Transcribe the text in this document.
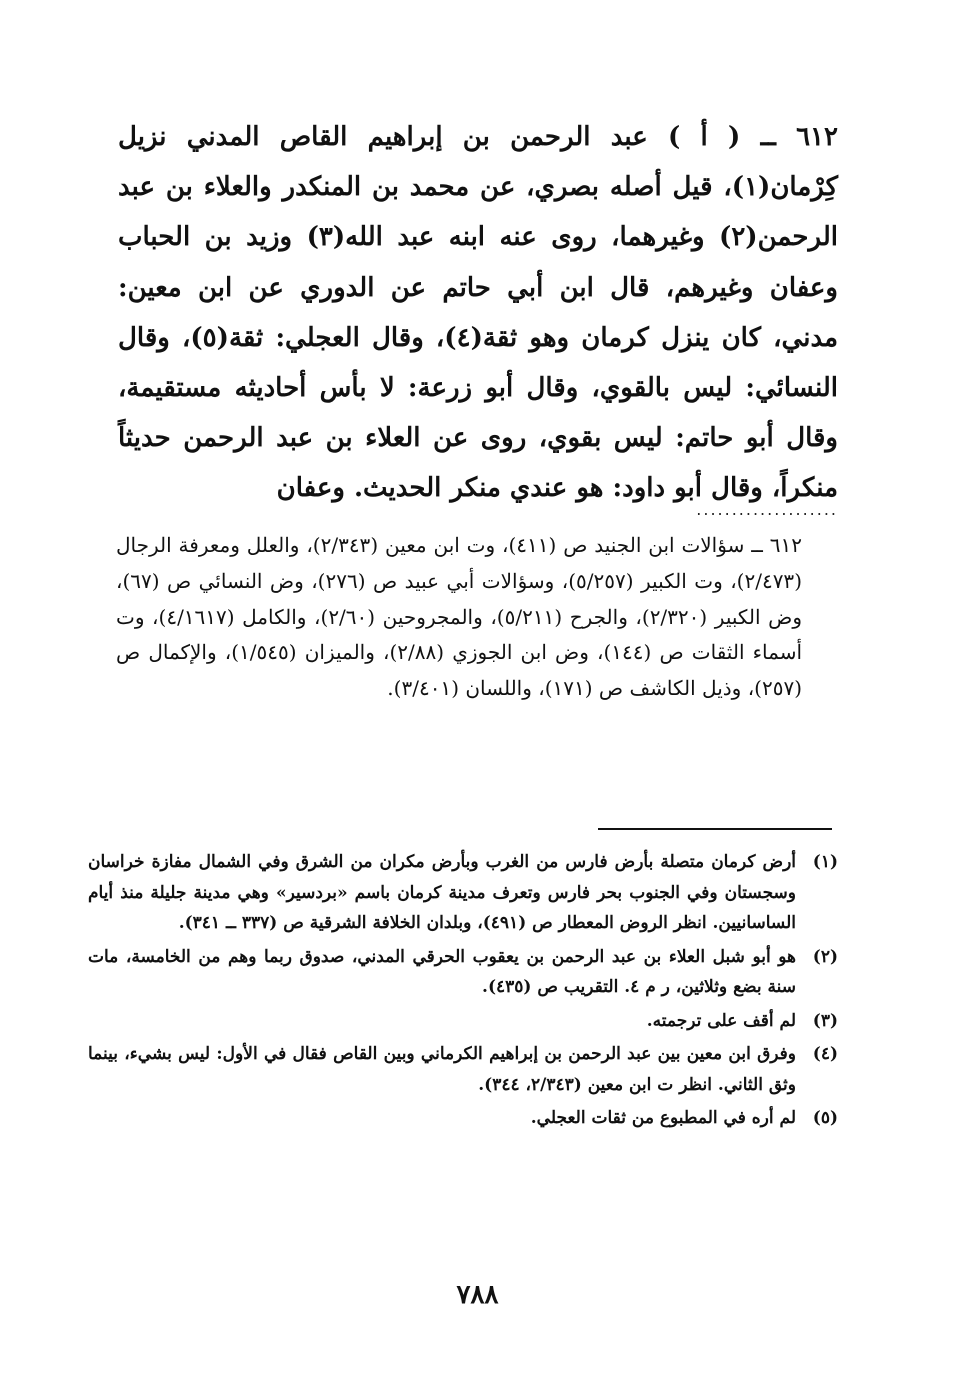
٦١٢ ــ ( أ ) عبد الرحمن بن إبراهيم القاص المدني نزيل كِرْمان(١)، قيل أصله بصري، عن محمد بن المنكدر والعلاء بن عبد الرحمن(٢) وغيرهما، روى عنه ابنه عبد الله(٣) وزيد بن الحباب وعفان وغيرهم، قال ابن أبي حاتم عن الدوري عن ابن معين: مدني، كان ينزل كرمان وهو ثقة(٤)، وقال العجلي: ثقة(٥)، وقال النسائي: ليس بالقوي، وقال أبو زرعة: لا بأس أحاديثه مستقيمة، وقال أبو حاتم: ليس بقوي، روى عن العلاء بن عبد الرحمن حديثاً منكراً، وقال أبو داود: هو عندي منكر الحديث. وعفان

....................

٦١٢ ــ سؤالات ابن الجنيد ص (٤١١)، وت ابن معين (٢/٣٤٣)، والعلل ومعرفة الرجال (٢/٤٧٣)، وت الكبير (٥/٢٥٧)، وسؤالات أبي عبيد ص (٢٧٦)، وض النسائي ص (٦٧)، وض الكبير (٢/٣٢٠)، والجرح (٥/٢١١)، والمجروحين (٢/٦٠)، والكامل (٤/١٦١٧)، وت أسماء الثقات ص (١٤٤)، وض ابن الجوزي (٢/٨٨)، والميزان (١/٥٤٥)، والإكمال ص (٢٥٧)، وذيل الكاشف ص (١٧١)، واللسان (٣/٤٠١).

(١)
أرض كرمان متصلة بأرض فارس من الغرب وبأرض مكران من الشرق وفي الشمال مفازة خراسان وسجستان وفي الجنوب بحر فارس وتعرف مدينة كرمان باسم «بردسير» وهي مدينة جليلة منذ أيام الساسانيين. انظر الروض المعطار ص (٤٩١)، وبلدان الخلافة الشرقية ص (٣٣٧ ــ ٣٤١).
(٢)
هو أبو شبل العلاء بن عبد الرحمن بن يعقوب الحرقي المدني، صدوق ربما وهم من الخامسة، مات سنة بضع وثلاثين، ر م ٤. التقريب ص (٤٣٥).
(٣)
لم أقف على ترجمته.
(٤)
وفرق ابن معين بين عبد الرحمن بن إبراهيم الكرماني وبين القاص فقال في الأول: ليس بشيء، بينما وثق الثاني. انظر ت ابن معين (٢/٣٤٣، ٣٤٤).
(٥)
لم أره في المطبوع من ثقات العجلي.
٧٨٨
